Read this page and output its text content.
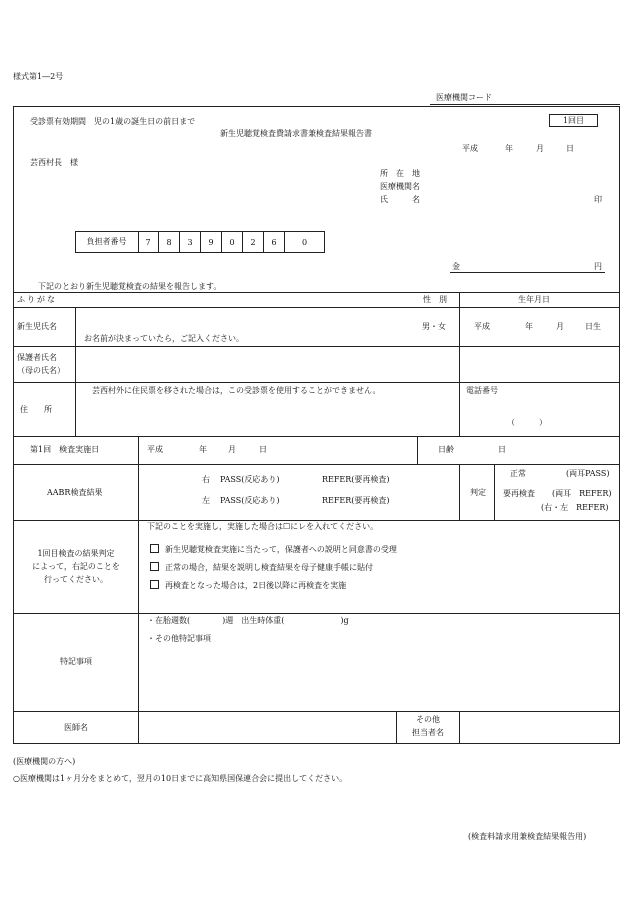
様式第1―2号
医療機関コード
受診票有効期間　児の1歳の誕生日の前日まで	1回目
新生児聴覚検査費請求書兼検査結果報告書
平成	年	月	日
芸西村長　様
所　在　地
医療機関名
氏　　　名	印
負担者番号	7	8	3	9	0	2	6	0
金	円
下記のとおり新生児聴覚検査の結果を報告します。
ふりがな	性　別	生年月日
新生児氏名	男・女	平成	年	月	日生
お名前が決まっていたら，ご記入ください。
保護者氏名
（母の氏名）
芸西村外に住民票を移された場合は，この受診票を使用することができません。
住　　所
電話番号
（　　　）
第1回　検査実施日	平成	年	月	日	日齢	日
AABR検査結果
右 PASS(反応あり)	REFER(要再検査)
左 PASS(反応あり)	REFER(要再検査)
判定
正常	(両耳PASS)
要再検査 (両耳　REFER)
(右・左　REFER)
1回目検査の結果判定
によって，右記のことを
行ってください。
下記のことを実施し，実施した場合は☐にレを入れてください。
新生児聴覚検査実施に当たって，保護者への説明と同意書の受理
正常の場合，結果を説明し検査結果を母子健康手帳に貼付
再検査となった場合は，2日後以降に再検査を実施
特記事項
・在胎週数(　　　　)週　出生時体重(　　　　　　　)g
・その他特記事項
医師名
その他
担当者名
(医療機関の方へ)
○医療機関は1ヶ月分をまとめて，翌月の10日までに高知県国保連合会に提出してください。
(検査料請求用兼検査結果報告用)
